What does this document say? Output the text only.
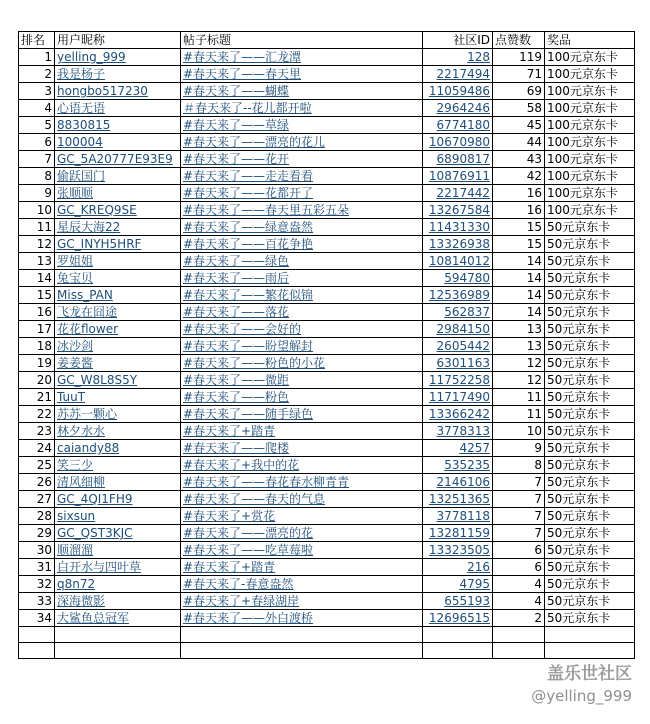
排名	用户昵称	帖子标题	社区ID	点赞数	奖品
1	yelling_999	#春天来了——汇龙潭	128	119	100元京东卡
2	我是杨子	#春天来了——春天里	2217494	71	100元京东卡
3	hongbo517230	#春天来了——蝴蝶	11059486	69	100元京东卡
4	心语无语	＃春天来了--花儿都开啦	2964246	58	100元京东卡
5	8830815	#春天来了——草绿	6774180	45	100元京东卡
6	100004	#春天来了——漂亮的花儿	10670980	44	100元京东卡
7	GC_5A20777E93E9	#春天来了——花开	6890817	43	100元京东卡
8	偷跃国门	#春天来了——走走看看	10876911	42	100元京东卡
9	张顺顺	#春天来了——花都开了	2217442	16	100元京东卡
10	GC_KREQ9SE	#春天来了——春天里五彩五朵	13267584	16	100元京东卡
11	星辰大海22	#春天来了——绿意盎然	11431330	15	50元京东卡
12	GC_INYH5HRF	#春天来了——百花争艳	13326938	15	50元京东卡
13	罗姐姐	#春天来了——绿色	10814012	14	50元京东卡
14	兔宝贝	#春天来了——雨后	594780	14	50元京东卡
15	Miss_PAN	#春天来了——繁花似锦	12536989	14	50元京东卡
16	飞龙在囧途	#春天来了——落花	562837	14	50元京东卡
17	花花flower	#春天来了——会好的	2984150	13	50元京东卡
18	冰沙剑	#春天来了——盼望解封	2605442	13	50元京东卡
19	姜姜酱	#春天来了——粉色的小花	6301163	12	50元京东卡
20	GC_W8L8S5Y	#春天来了——微距	11752258	12	50元京东卡
21	TuuT	#春天来了——粉色	11717490	11	50元京东卡
22	苏苏一颗心	#春天来了——随手绿色	13366242	11	50元京东卡
23	林夕水水	#春天来了+踏青	3778313	10	50元京东卡
24	caiandy88	#春天来了——爬楼	4257	9	50元京东卡
25	笑三少	#春天来了+我中的花	535235	8	50元京东卡
26	清风细柳	#春天来了——春花春水柳青青	2146106	7	50元京东卡
27	GC_4QI1FH9	#春天来了——春天的气息	13251365	7	50元京东卡
28	sixsun	#春天来了+赏花	3778118	7	50元京东卡
29	GC_QST3KJC	#春天来了——漂亮的花	13281159	7	50元京东卡
30	顺溜溜	#春天来了——吃草莓啦	13323505	6	50元京东卡
31	白开水与四叶草	#春天来了+踏青	216	6	50元京东卡
32	q8n72	#春天来了-春意盎然	4795	4	50元京东卡
33	深海微影	#春天来了+春绿湖岸	655193	4	50元京东卡
34	大鲨鱼总冠军	#春天来了——外白渡桥	12696515	2	50元京东卡

盖乐世社区
@yelling_999
